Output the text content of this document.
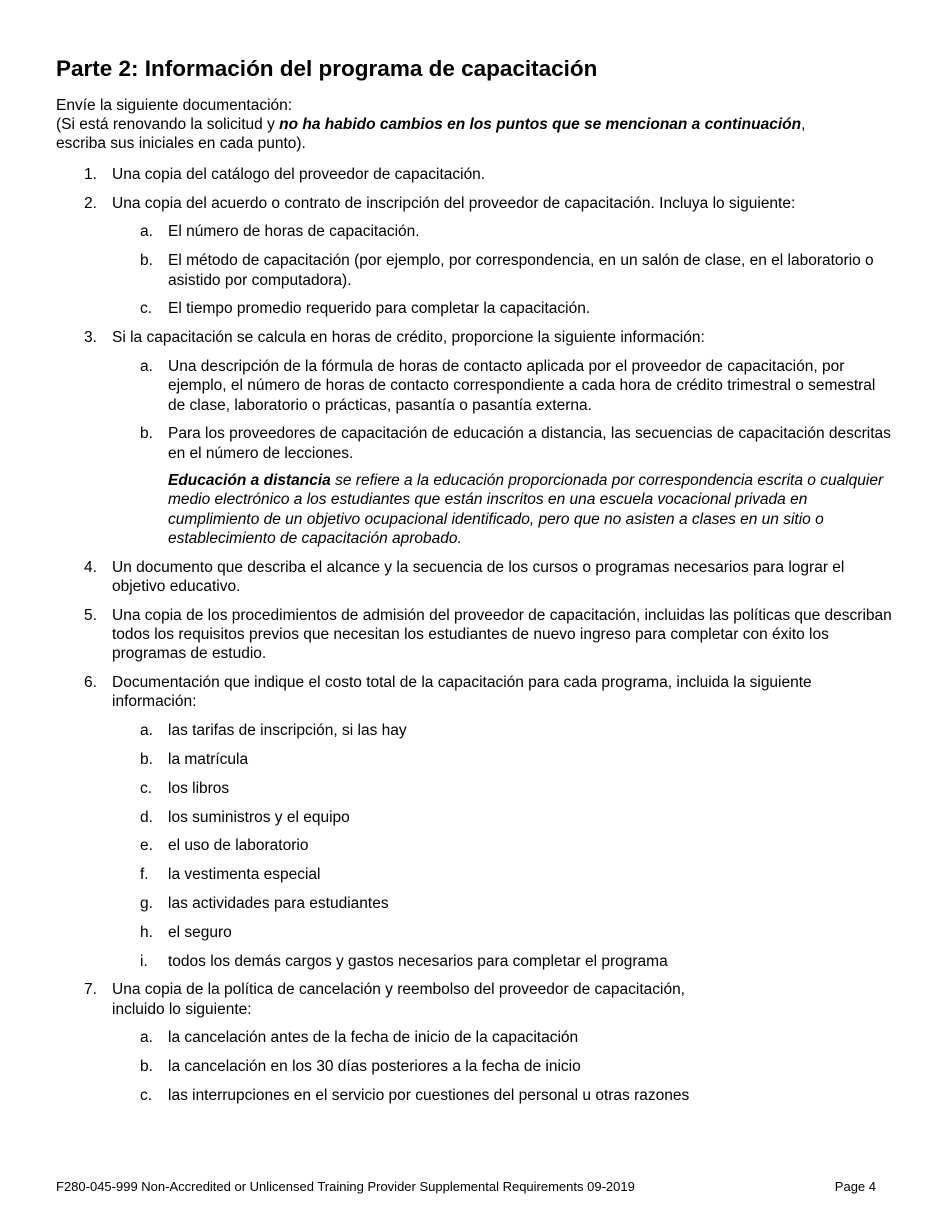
Parte 2: Información del programa de capacitación
Envíe la siguiente documentación:
(Si está renovando la solicitud y no ha habido cambios en los puntos que se mencionan a continuación,
escriba sus iniciales en cada punto).
1. Una copia del catálogo del proveedor de capacitación.
2. Una copia del acuerdo o contrato de inscripción del proveedor de capacitación. Incluya lo siguiente:
a. El número de horas de capacitación.
b. El método de capacitación (por ejemplo, por correspondencia, en un salón de clase, en el laboratorio o asistido por computadora).
c. El tiempo promedio requerido para completar la capacitación.
3. Si la capacitación se calcula en horas de crédito, proporcione la siguiente información:
a. Una descripción de la fórmula de horas de contacto aplicada por el proveedor de capacitación, por ejemplo, el número de horas de contacto correspondiente a cada hora de crédito trimestral o semestral de clase, laboratorio o prácticas, pasantía o pasantía externa.
b. Para los proveedores de capacitación de educación a distancia, las secuencias de capacitación descritas en el número de lecciones.
Educación a distancia se refiere a la educación proporcionada por correspondencia escrita o cualquier medio electrónico a los estudiantes que están inscritos en una escuela vocacional privada en cumplimiento de un objetivo ocupacional identificado, pero que no asisten a clases en un sitio o establecimiento de capacitación aprobado.
4. Un documento que describa el alcance y la secuencia de los cursos o programas necesarios para lograr el objetivo educativo.
5. Una copia de los procedimientos de admisión del proveedor de capacitación, incluidas las políticas que describan todos los requisitos previos que necesitan los estudiantes de nuevo ingreso para completar con éxito los programas de estudio.
6. Documentación que indique el costo total de la capacitación para cada programa, incluida la siguiente información:
a. las tarifas de inscripción, si las hay
b. la matrícula
c. los libros
d. los suministros y el equipo
e. el uso de laboratorio
f. la vestimenta especial
g. las actividades para estudiantes
h. el seguro
i. todos los demás cargos y gastos necesarios para completar el programa
7. Una copia de la política de cancelación y reembolso del proveedor de capacitación,
incluido lo siguiente:
a. la cancelación antes de la fecha de inicio de la capacitación
b. la cancelación en los 30 días posteriores a la fecha de inicio
c. las interrupciones en el servicio por cuestiones del personal u otras razones
F280-045-999 Non-Accredited or Unlicensed Training Provider Supplemental Requirements 09-2019	Page 4
